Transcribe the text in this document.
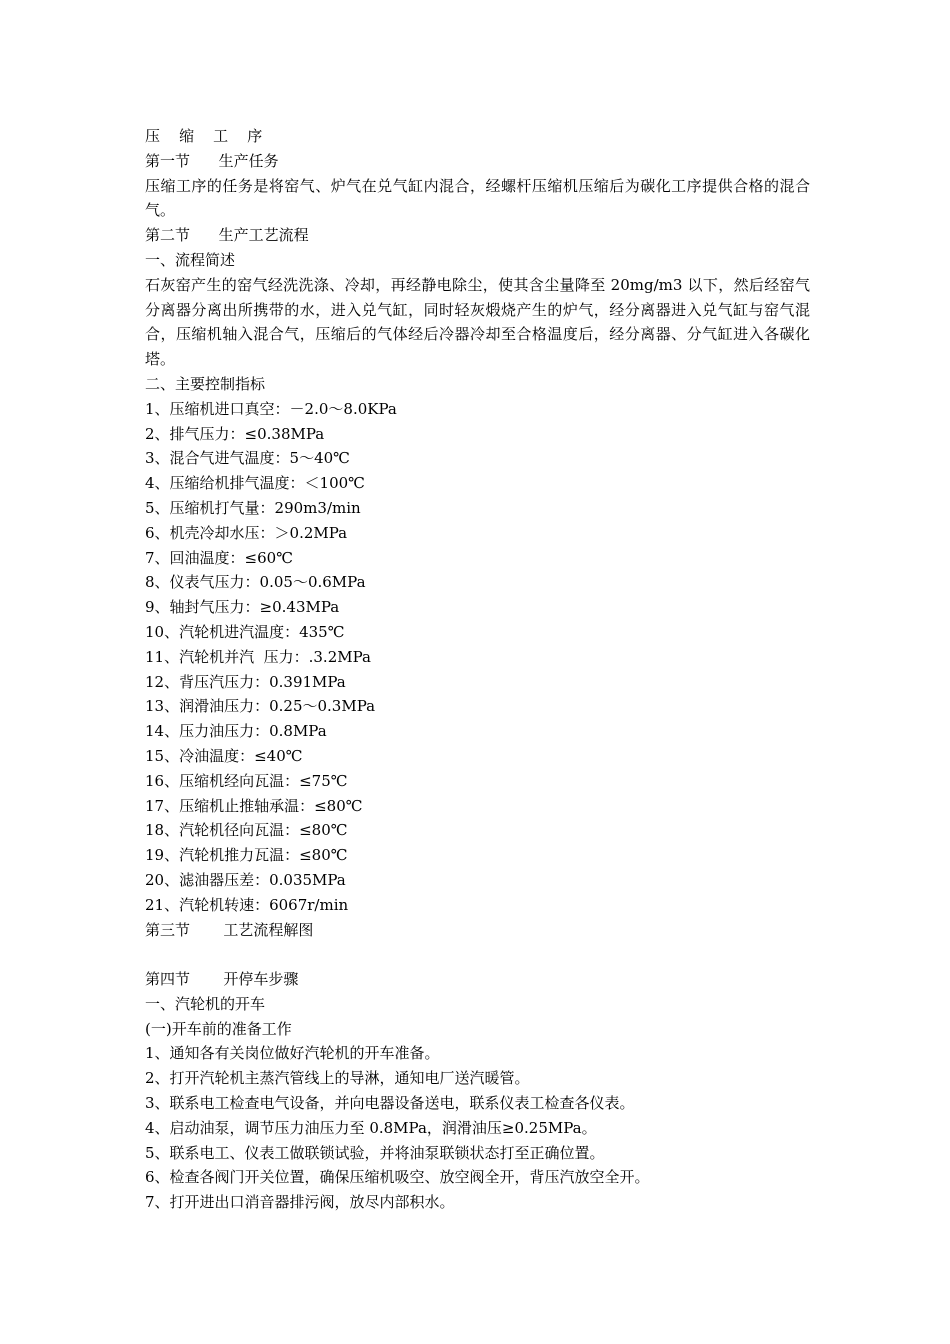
压    缩    工    序
第一节      生产任务
压缩工序的任务是将窑气、炉气在兑气缸内混合，经螺杆压缩机压缩后为碳化工序提供合格的混合气。
第二节      生产工艺流程
一、流程简述
石灰窑产生的窑气经洗洗涤、冷却，再经静电除尘，使其含尘量降至 20mg/m3 以下，然后经窑气分离器分离出所携带的水，进入兑气缸，同时轻灰煅烧产生的炉气，经分离器进入兑气缸与窑气混合，压缩机轴入混合气，压缩后的气体经后冷器冷却至合格温度后，经分离器、分气缸进入各碳化塔。
二、主要控制指标
1、压缩机进口真空：－2.0～8.0KPa
2、排气压力：≤0.38MPa
3、混合气进气温度：5～40℃
4、压缩给机排气温度：＜100℃
5、压缩机打气量：290m3/min
6、机壳冷却水压：＞0.2MPa
7、回油温度：≤60℃
8、仪表气压力：0.05～0.6MPa
9、轴封气压力：≥0.43MPa
10、汽轮机进汽温度：435℃
11、汽轮机并汽  压力：.3.2MPa
12、背压汽压力：0.391MPa
13、润滑油压力：0.25～0.3MPa
14、压力油压力：0.8MPa
15、冷油温度：≤40℃
16、压缩机经向瓦温：≤75℃
17、压缩机止推轴承温：≤80℃
18、汽轮机径向瓦温：≤80℃
19、汽轮机推力瓦温：≤80℃
20、滤油器压差：0.035MPa
21、汽轮机转速：6067r/min
第三节       工艺流程解图
第四节       开停车步骤
一、汽轮机的开车
(一)开车前的准备工作
1、通知各有关岗位做好汽轮机的开车准备。
2、打开汽轮机主蒸汽管线上的导淋，通知电厂送汽暖管。
3、联系电工检查电气设备，并向电器设备送电，联系仪表工检查各仪表。
4、启动油泵，调节压力油压力至 0.8MPa，润滑油压≥0.25MPa。
5、联系电工、仪表工做联锁试验，并将油泵联锁状态打至正确位置。
6、检查各阀门开关位置，确保压缩机吸空、放空阀全开，背压汽放空全开。
7、打开进出口消音器排污阀，放尽内部积水。
